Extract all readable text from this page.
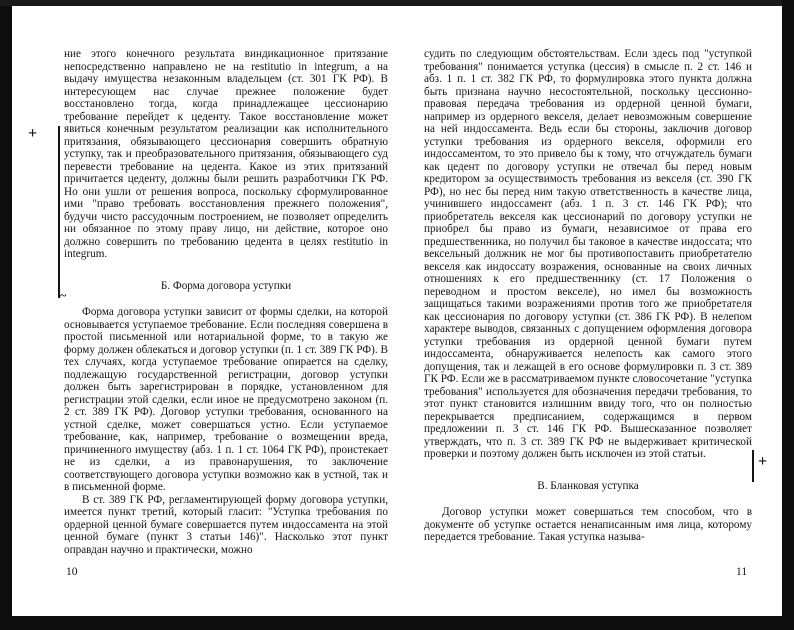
ние этого конечного результата виндикационное притязание непосредственно направлено не на restitutio in integrum, а на выдачу имущества незаконным владельцем (ст. 301 ГК РФ). В интересующем нас случае прежнее положение будет восстановлено тогда, когда принадлежащее цессионарию требование перейдет к цеденту. Такое восстановление может явиться конечным результатом реализации как исполнительного притязания, обязывающего цессионария совершить обратную уступку, так и преобразовательного притязания, обязывающего суд перевести требование на цедента. Какое из этих притязаний причитается цеденту, должны были решить разработчики ГК РФ. Но они ушли от решения вопроса, поскольку сформулированное ими "право требовать восстановления прежнего положения", будучи чисто рассудочным построением, не позволяет определить ни обязанное по этому праву лицо, ни действие, которое оно должно совершить по требованию цедента в целях restitutio in integrum.

Б. Форма договора уступки

Форма договора уступки зависит от формы сделки, на которой основывается уступаемое требование. Если последняя совершена в простой письменной или нотариальной форме, то в такую же форму должен облекаться и договор уступки (п. 1 ст. 389 ГК РФ). В тех случаях, когда уступаемое требование опирается на сделку, подлежащую государственной регистрации, договор уступки должен быть зарегистрирован в порядке, установленном для регистрации этой сделки, если иное не предусмотрено законом (п. 2 ст. 389 ГК РФ). Договор уступки требования, основанного на устной сделке, может совершаться устно. Если уступаемое требование, как, например, требование о возмещении вреда, причиненного имуществу (абз. 1 п. 1 ст. 1064 ГК РФ), проистекает не из сделки, а из правонарушения, то заключение соответствующего договора уступки возможно как в устной, так и в письменной форме.

В ст. 389 ГК РФ, регламентирующей форму договора уступки, имеется пункт третий, который гласит: "Уступка требования по ордерной ценной бумаге совершается путем индоссамента на этой ценной бумаге (пункт 3 статьи 146)". Насколько этот пункт оправдан научно и практически, можно

10

судить по следующим обстоятельствам. Если здесь под "уступкой требования" понимается уступка (цессия) в смысле п. 2 ст. 146 и абз. 1 п. 1 ст. 382 ГК РФ, то формулировка этого пункта должна быть признана научно несостоятельной, поскольку цессионно-правовая передача требования из ордерной ценной бумаги, например из ордерного векселя, делает невозможным совершение на ней индоссамента. Ведь если бы стороны, заключив договор уступки требования из ордерного векселя, оформили его индоссаментом, то это привело бы к тому, что отчуждатель бумаги как цедент по договору уступки не отвечал бы перед новым кредитором за осуществимость требования из векселя (ст. 390 ГК РФ), но нес бы перед ним такую ответственность в качестве лица, учинившего индоссамент (абз. 1 п. 3 ст. 146 ГК РФ); что приобретатель векселя как цессионарий по договору уступки не приобрел бы право из бумаги, независимое от права его предшественника, но получил бы таковое в качестве индоссата; что вексельный должник не мог бы противопоставить приобретателю векселя как индоссату возражения, основанные на своих личных отношениях к его предшественнику (ст. 17 Положения о переводном и простом векселе), но имел бы возможность защищаться такими возражениями против того же приобретателя как цессионария по договору уступки (ст. 386 ГК РФ). В нелепом характере выводов, связанных с допущением оформления договора уступки требования из ордерной ценной бумаги путем индоссамента, обнаруживается нелепость как самого этого допущения, так и лежащей в его основе формулировки п. 3 ст. 389 ГК РФ. Если же в рассматриваемом пункте словосочетание "уступка требования" используется для обозначения передачи требования, то этот пункт становится излишним ввиду того, что он полностью перекрывается предписанием, содержащимся в первом предложении п. 3 ст. 146 ГК РФ. Вышесказанное позволяет утверждать, что п. 3 ст. 389 ГК РФ не выдерживает критической проверки и поэтому должен быть исключен из этой статьи.

В. Бланковая уступка

Договор уступки может совершаться тем способом, что в документе об уступке остается ненаписанным имя лица, которому передается требование. Такая уступка называ-

11
+
~
+
